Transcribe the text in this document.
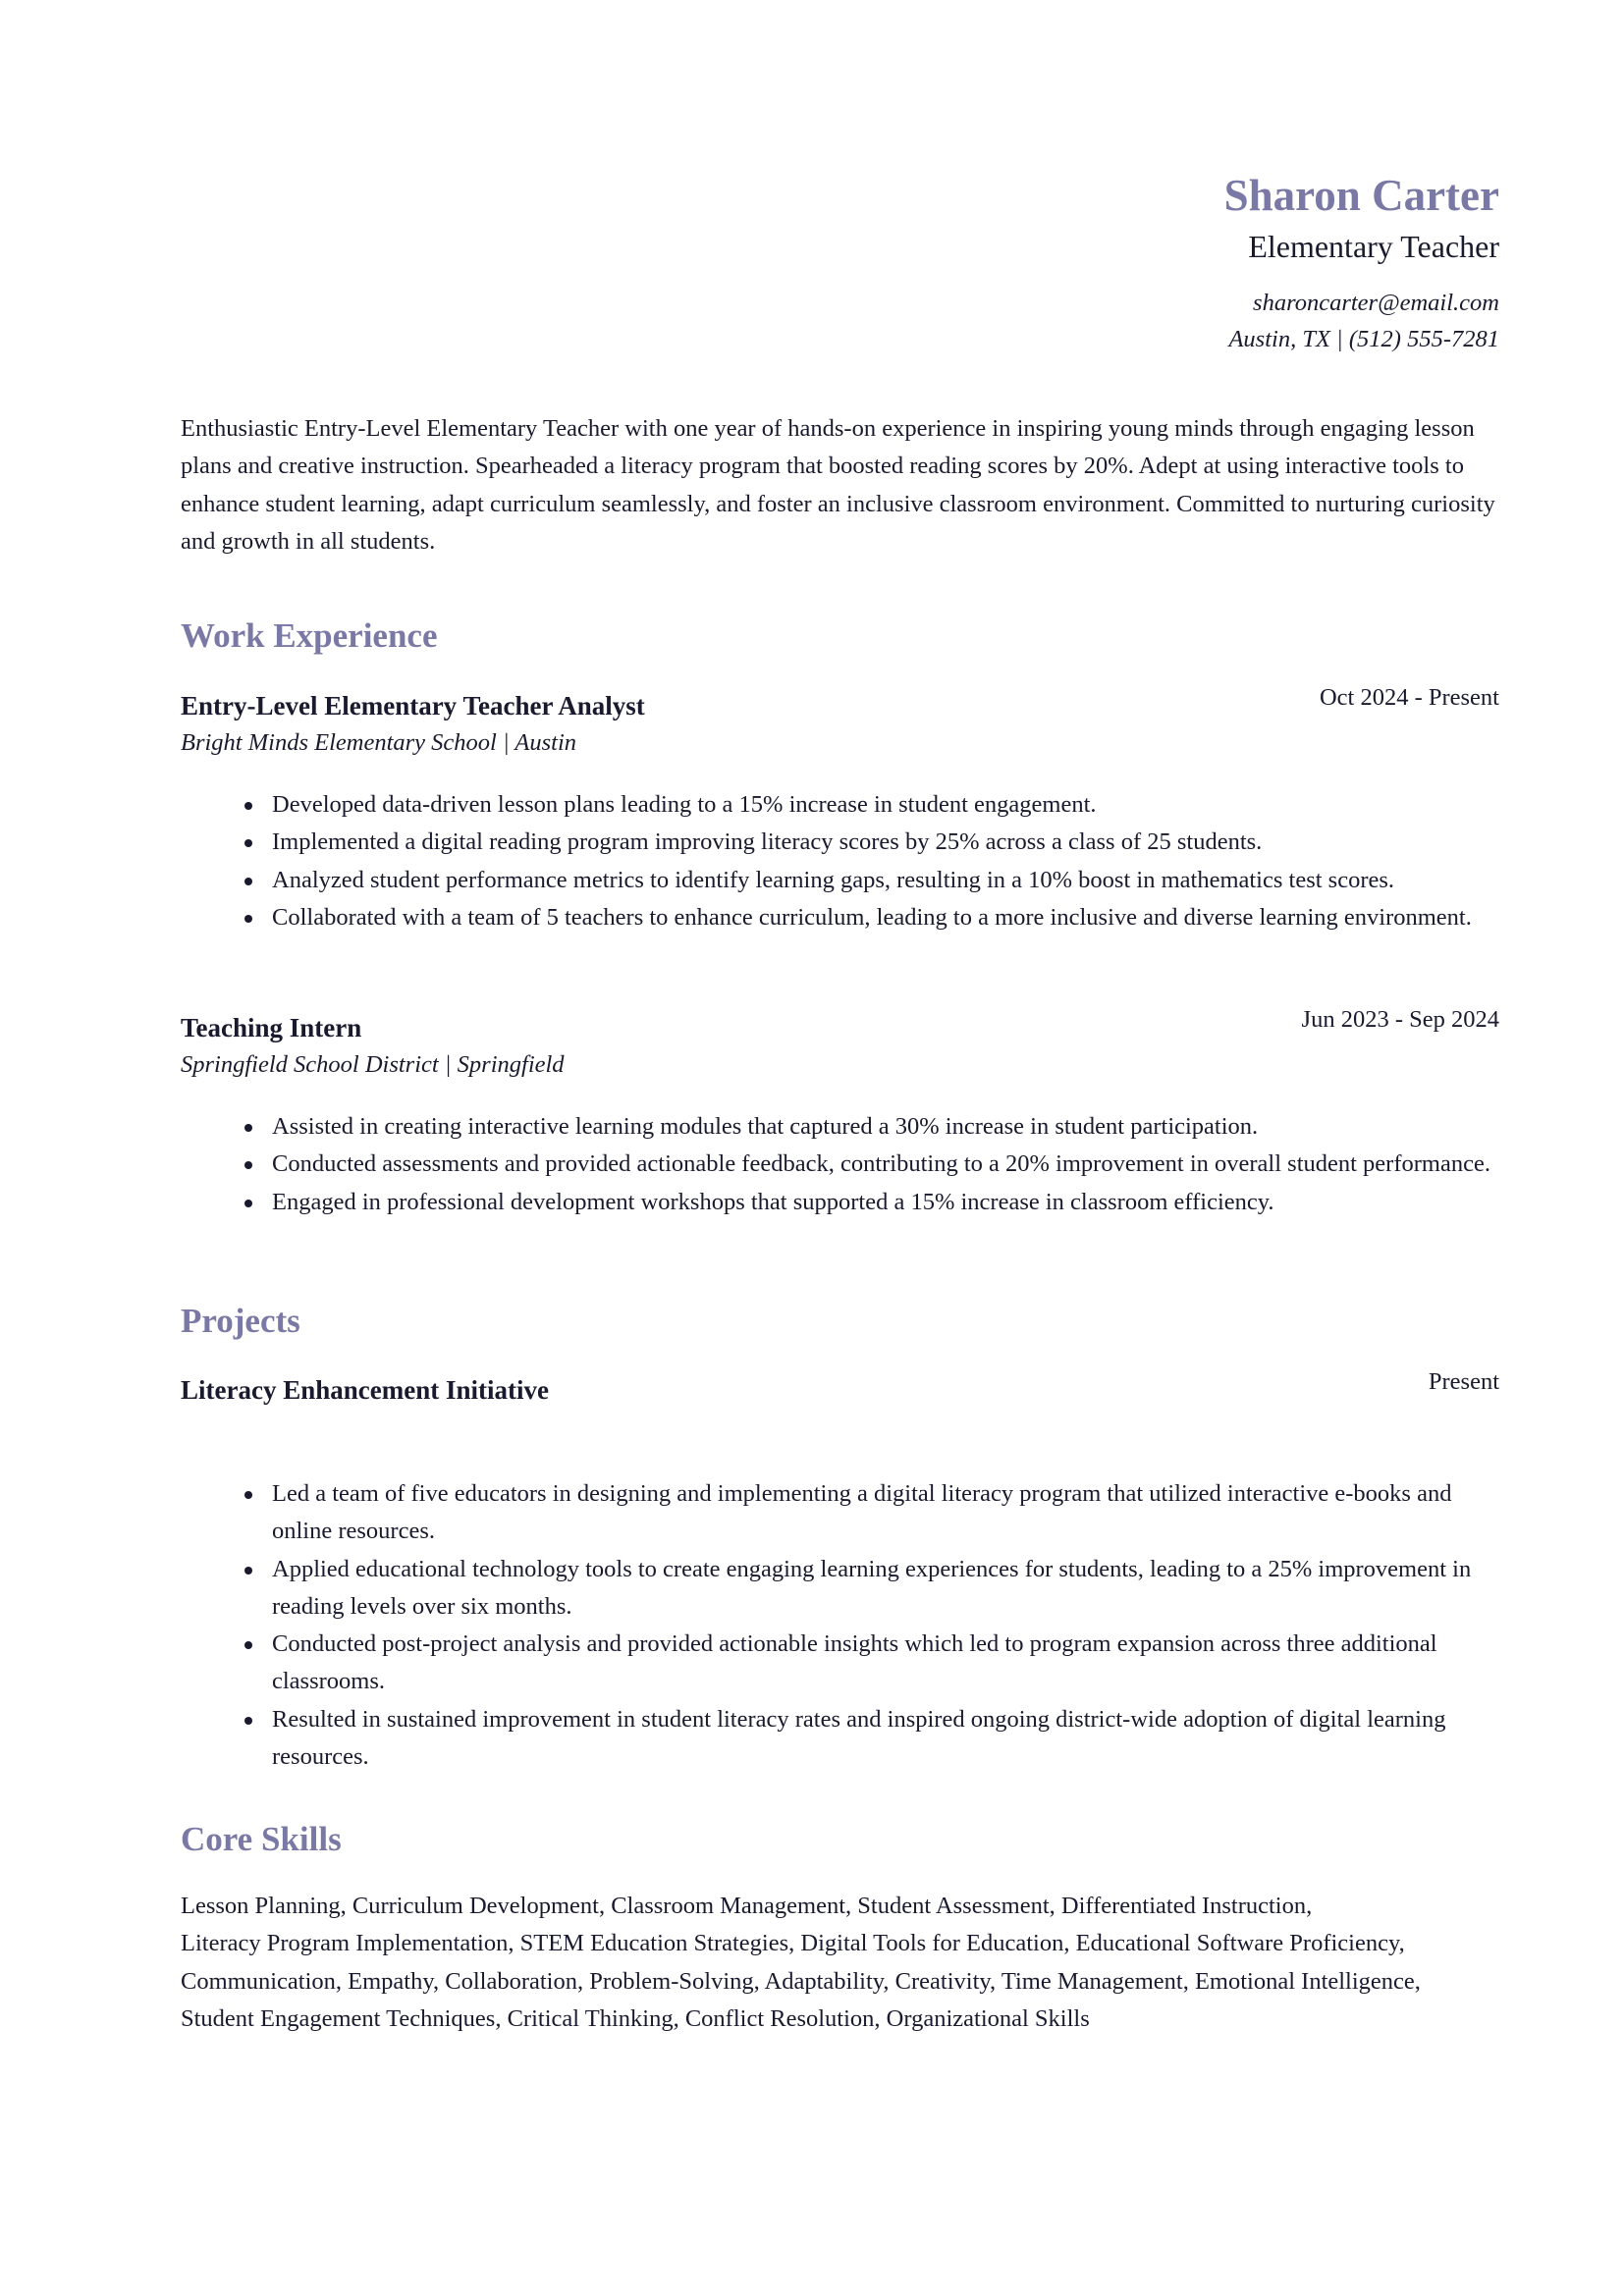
Sharon Carter
Elementary Teacher
sharoncarter@email.com
Austin, TX | (512) 555-7281

Enthusiastic Entry-Level Elementary Teacher with one year of hands-on experience in inspiring young minds through engaging lesson plans and creative instruction. Spearheaded a literacy program that boosted reading scores by 20%. Adept at using interactive tools to enhance student learning, adapt curriculum seamlessly, and foster an inclusive classroom environment. Committed to nurturing curiosity and growth in all students.

Work Experience
Entry-Level Elementary Teacher Analyst	Oct 2024 - Present
Bright Minds Elementary School | Austin
Developed data-driven lesson plans leading to a 15% increase in student engagement.
Implemented a digital reading program improving literacy scores by 25% across a class of 25 students.
Analyzed student performance metrics to identify learning gaps, resulting in a 10% boost in mathematics test scores.
Collaborated with a team of 5 teachers to enhance curriculum, leading to a more inclusive and diverse learning environment.
Teaching Intern	Jun 2023 - Sep 2024
Springfield School District | Springfield
Assisted in creating interactive learning modules that captured a 30% increase in student participation.
Conducted assessments and provided actionable feedback, contributing to a 20% improvement in overall student performance.
Engaged in professional development workshops that supported a 15% increase in classroom efficiency.
Projects
Literacy Enhancement Initiative	Present
Led a team of five educators in designing and implementing a digital literacy program that utilized interactive e-books and online resources.
Applied educational technology tools to create engaging learning experiences for students, leading to a 25% improvement in reading levels over six months.
Conducted post-project analysis and provided actionable insights which led to program expansion across three additional classrooms.
Resulted in sustained improvement in student literacy rates and inspired ongoing district-wide adoption of digital learning resources.
Core Skills
Lesson Planning, Curriculum Development, Classroom Management, Student Assessment, Differentiated Instruction,
Literacy Program Implementation, STEM Education Strategies, Digital Tools for Education, Educational Software Proficiency,
Communication, Empathy, Collaboration, Problem-Solving, Adaptability, Creativity, Time Management, Emotional Intelligence,
Student Engagement Techniques, Critical Thinking, Conflict Resolution, Organizational Skills
